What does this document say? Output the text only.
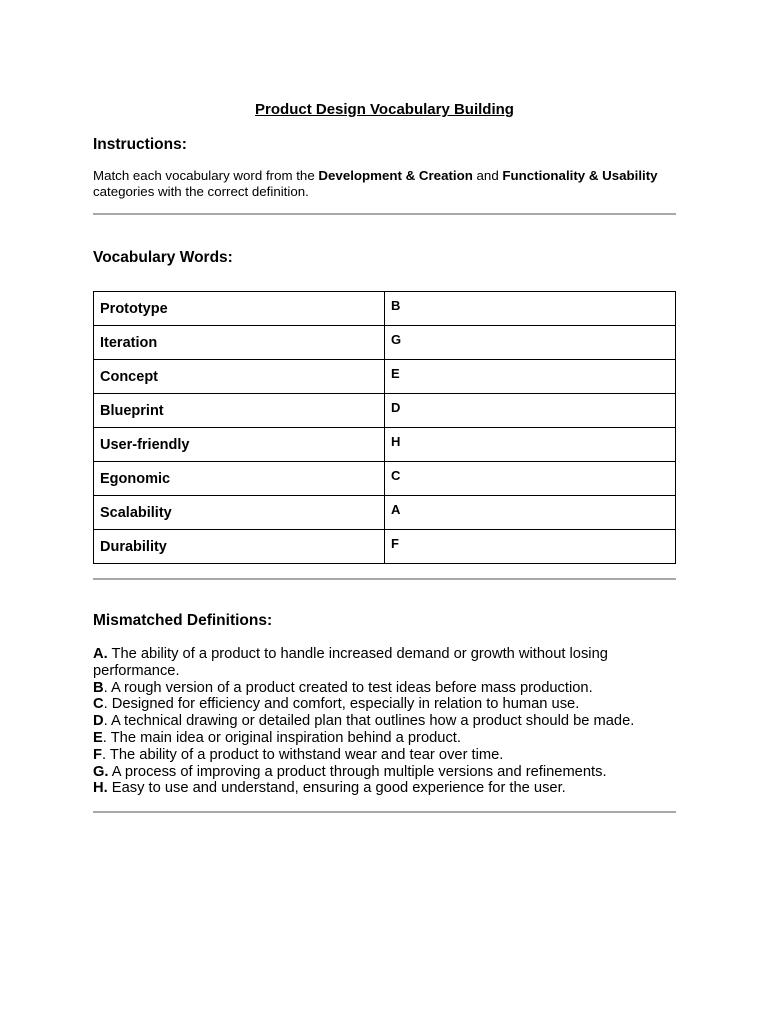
Product Design Vocabulary Building
Instructions:

Match each vocabulary word from the Development & Creation and Functionality & Usability categories with the correct definition.

Vocabulary Words:
Prototype	B
Iteration	G
Concept	E
Blueprint	D
User-friendly	H
Egonomic	C
Scalability	A
Durability	F
Mismatched Definitions:

A. The ability of a product to handle increased demand or growth without losing performance.

B. A rough version of a product created to test ideas before mass production.

C. Designed for efficiency and comfort, especially in relation to human use.

D. A technical drawing or detailed plan that outlines how a product should be made.

E. The main idea or original inspiration behind a product.

F. The ability of a product to withstand wear and tear over time.

G. A process of improving a product through multiple versions and refinements.

H. Easy to use and understand, ensuring a good experience for the user.
